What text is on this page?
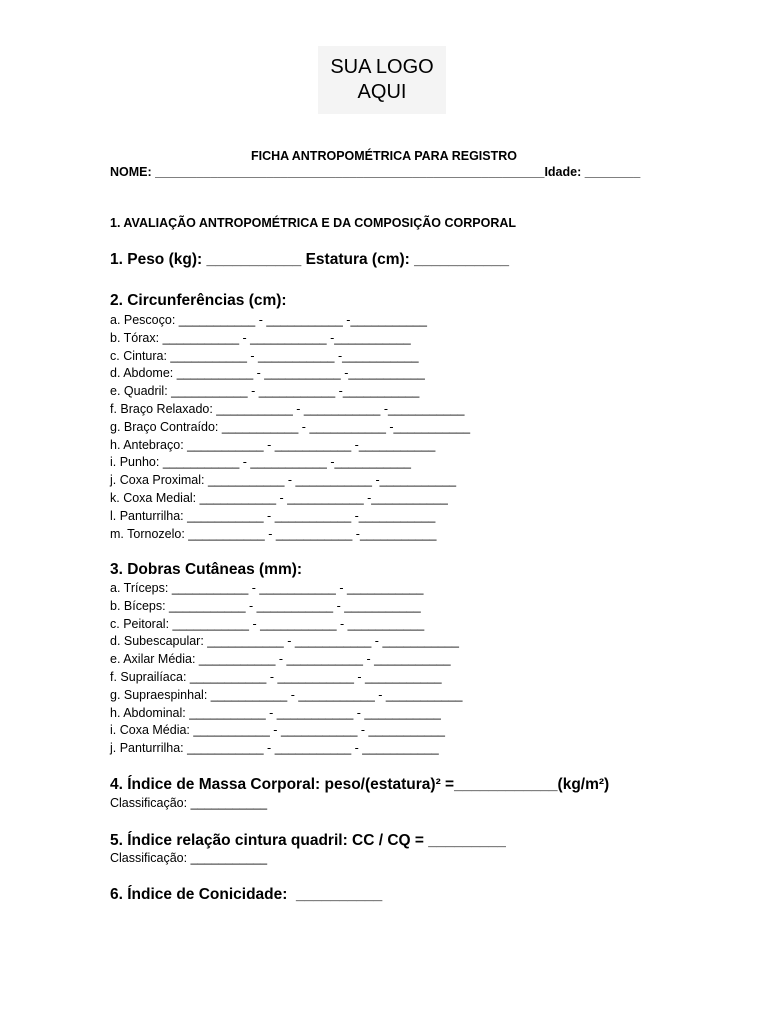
SUA LOGO
AQUI
FICHA ANTROPOMÉTRICA PARA REGISTRO
NOME: ________________________________________________________Idade: ________
1. AVALIAÇÃO ANTROPOMÉTRICA E DA COMPOSIÇÃO CORPORAL
1. Peso (kg): ___________ Estatura (cm): ___________
2. Circunferências (cm):
a. Pescoço: ___________ - ___________ -___________
b. Tórax: ___________ - ___________ -___________
c. Cintura: ___________ - ___________ -___________
d. Abdome: ___________ - ___________ -___________
e. Quadril: ___________ - ___________ -___________
f. Braço Relaxado: ___________ - ___________ -___________
g. Braço Contraído: ___________ - ___________ -___________
h. Antebraço: ___________ - ___________ -___________
i. Punho: ___________ - ___________ -___________
j. Coxa Proximal: ___________ - ___________ -___________
k. Coxa Medial: ___________ - ___________ -___________
l. Panturrilha: ___________ - ___________ -___________
m. Tornozelo: ___________ - ___________ -___________
3. Dobras Cutâneas (mm):
a. Tríceps: ___________ - ___________ - ___________
b. Bíceps: ___________ - ___________ - ___________
c. Peitoral: ___________ - ___________ - ___________
d. Subescapular: ___________ - ___________ - ___________
e. Axilar Média: ___________ - ___________ - ___________
f. Suprailíaca: ___________ - ___________ - ___________
g. Supraespinhal: ___________ - ___________ - ___________
h. Abdominal: ___________ - ___________ - ___________
i. Coxa Média: ___________ - ___________ - ___________
j. Panturrilha: ___________ - ___________ - ___________
4. Índice de Massa Corporal: peso/(estatura)² =____________(kg/m²)
Classificação: ___________
5. Índice relação cintura quadril: CC / CQ = _________
Classificação: ___________
6. Índice de Conicidade:  __________
